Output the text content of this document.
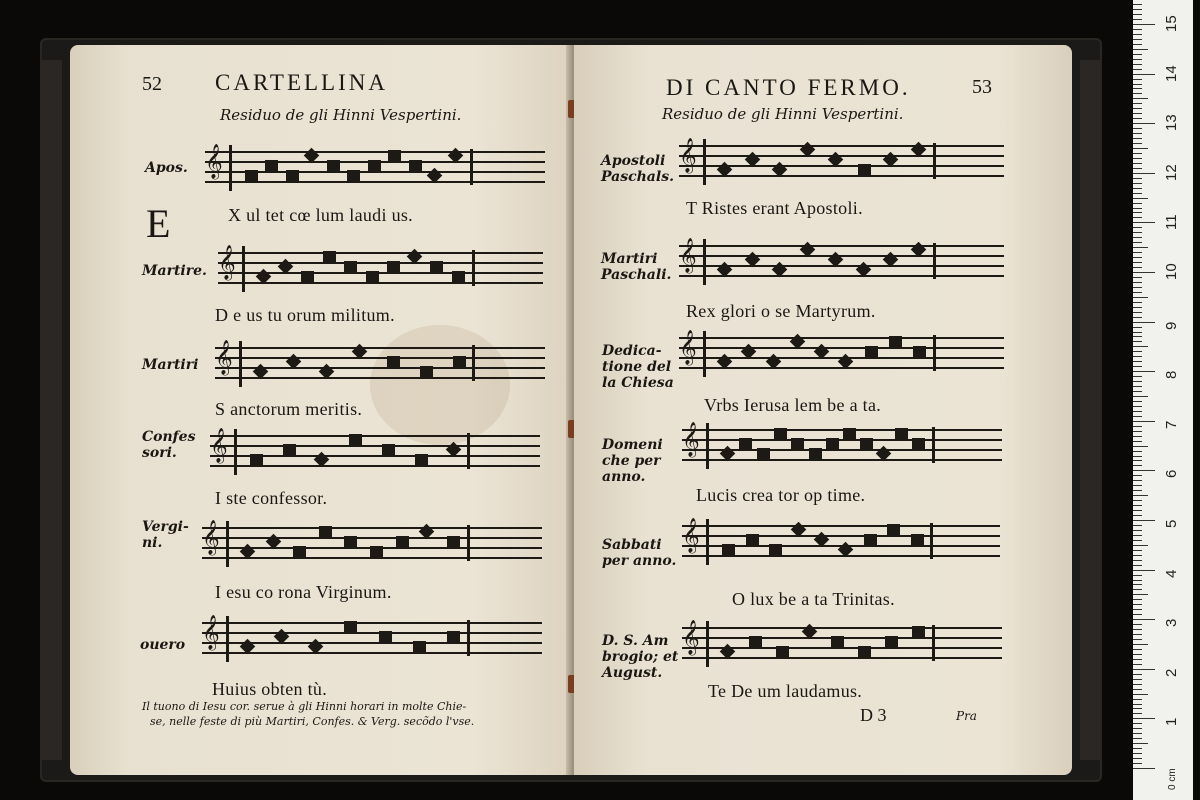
52 CARTELLINA
Residuo de gli Hinni Vespertini.
Apos. 𝄞
E	X ul tet cœ lum laudi us.
Martire. 𝄞
D e us tu orum militum.
Martiri 𝄞
S anctorum meritis.
Confes sori.	𝄞
I ste confessor.
Vergi- ni.	𝄞
I esu co rona Virginum.
ouero 𝄞
Huius obten tù.
Il tuono di Iesu cor. serue à gli Hinni horari in molte Chie-
se, nelle feste di più Martiri, Confes. & Verg. secõdo l'vse.
DI CANTO FERMO.	53
Residuo de gli Hinni Vespertini.
Apostoli Paschals.
𝄞
T Ristes erant Apostoli.
Martiri Paschali.
𝄞
Rex glori o se Martyrum.
Dedica- tione del la Chiesa
𝄞
Vrbs Ierusa lem be a ta.
Domeni che per anno.
𝄞
Lucis crea tor op time.
Sabbati per anno.
𝄞
O lux be a ta Trinitas.
D. S. Am brogio; et August.
𝄞
Te De um laudamus.
D 3	Pra
0 cm
1
2
3
4
5
6
7
8
9
10
11
12
13
14
15
